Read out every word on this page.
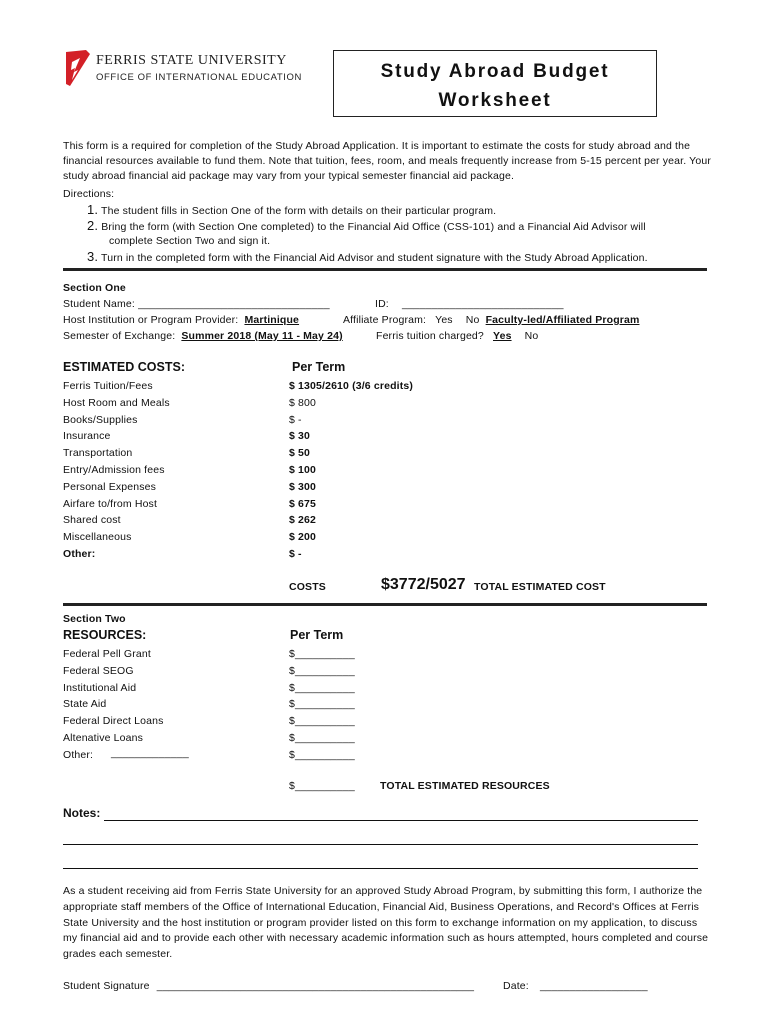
FERRIS STATE UNIVERSITY
OFFICE OF INTERNATIONAL EDUCATION	Study Abroad Budget
Worksheet
This form is a required for completion of the Study Abroad Application. It is important to estimate the costs for study abroad and the financial resources available to fund them. Note that tuition, fees, room, and meals frequently increase from 5-15 percent per year. Your study abroad financial aid package may vary from your typical semester financial aid package.
Directions:
1. The student fills in Section One of the form with details on their particular program.
2. Bring the form (with Section One completed) to the Financial Aid Office (CSS-101) and a Financial Aid Advisor will
complete Section Two and sign it.
3. Turn in the completed form with the Financial Aid Advisor and student signature with the Study Abroad Application.
Section One
Student Name: ________________________________	ID: ___________________________
Host Institution or Program Provider: Martinique	Affiliate Program: Yes No Faculty-led/Affiliated Program
Semester of Exchange: Summer 2018 (May 11 - May 24)	Ferris tuition charged? Yes No
ESTIMATED COSTS:	Per Term
Ferris Tuition/Fees	$ 1305/2610 (3/6 credits)
Host Room and Meals	$ 800
Books/Supplies	$ -
Insurance	$ 30
Transportation	$ 50
Entry/Admission fees	$ 100
Personal Expenses	$ 300
Airfare to/from Host	$ 675
Shared cost	$ 262
Miscellaneous	$ 200
Other:	$ -
COSTS	$3772/5027 TOTAL ESTIMATED COST
Section Two
RESOURCES:	Per Term
Federal Pell Grant	$__________
Federal SEOG	$__________
Institutional Aid	$__________
State Aid	$__________
Federal Direct Loans	$__________
Altenative Loans	$__________
Other:	$__________
_____________
$__________ TOTAL ESTIMATED RESOURCES
Notes:
As a student receiving aid from Ferris State University for an approved Study Abroad Program, by submitting this form, I authorize the appropriate staff members of the Office of International Education, Financial Aid, Business Operations, and Record's Offices at Ferris State University and the host institution or program provider listed on this form to exchange information on my application, to discuss my financial aid and to provide each other with necessary academic information such as hours attempted, hours completed and course grades each semester.
Student Signature _____________________________________________________	Date: __________________
